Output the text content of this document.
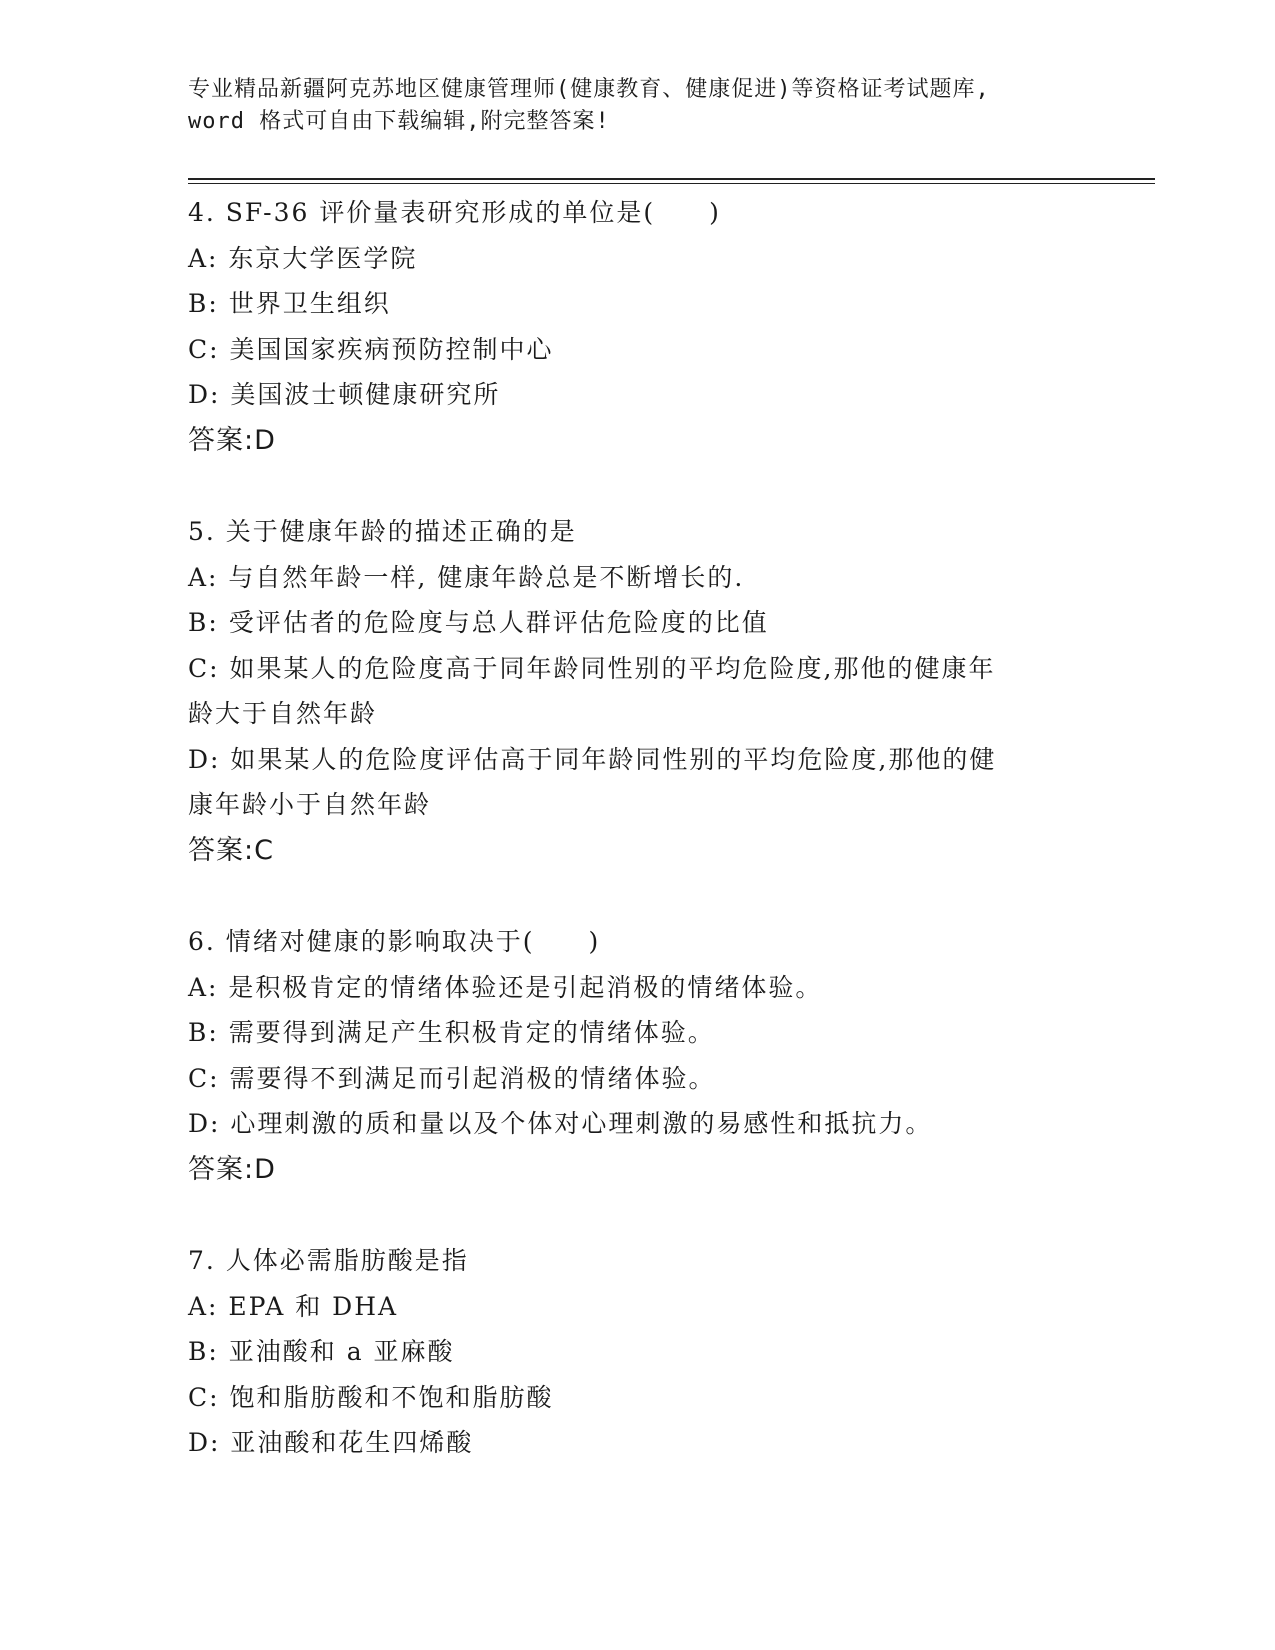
专业精品新疆阿克苏地区健康管理师(健康教育、健康促进)等资格证考试题库,
word 格式可自由下载编辑,附完整答案!
4. SF-36 评价量表研究形成的单位是(　　)
A: 东京大学医学院
B: 世界卫生组织
C: 美国国家疾病预防控制中心
D: 美国波士顿健康研究所
答案:D
5. 关于健康年龄的描述正确的是
A: 与自然年龄一样, 健康年龄总是不断增长的.
B: 受评估者的危险度与总人群评估危险度的比值
C: 如果某人的危险度高于同年龄同性别的平均危险度,那他的健康年
龄大于自然年龄
D: 如果某人的危险度评估高于同年龄同性别的平均危险度,那他的健
康年龄小于自然年龄
答案:C
6. 情绪对健康的影响取决于(　　)
A: 是积极肯定的情绪体验还是引起消极的情绪体验。
B: 需要得到满足产生积极肯定的情绪体验。
C: 需要得不到满足而引起消极的情绪体验。
D: 心理刺激的质和量以及个体对心理刺激的易感性和抵抗力。
答案:D
7. 人体必需脂肪酸是指
A: EPA 和 DHA
B: 亚油酸和 a 亚麻酸
C: 饱和脂肪酸和不饱和脂肪酸
D: 亚油酸和花生四烯酸
